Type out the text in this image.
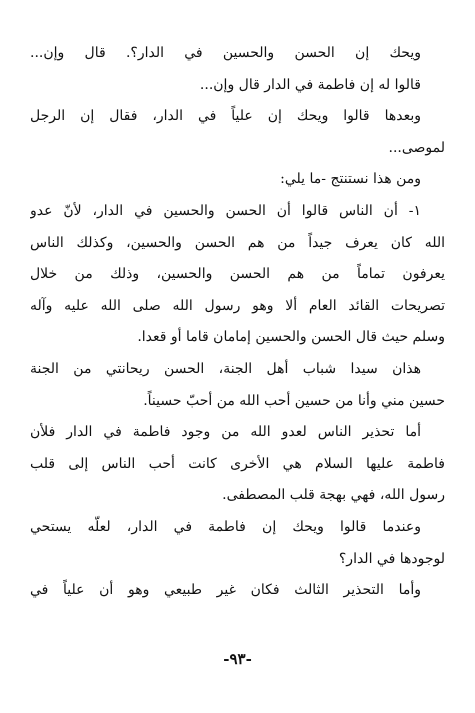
ويحك إن الحسن والحسين في الدار؟. قال وإن...
قالوا له إن فاطمة في الدار قال وإن...
وبعدها قالوا ويحك إن علياً في الدار، فقال إن الرجل
لموصى...
ومن هذا نستنتج -ما يلي:
١- أن الناس قالوا أن الحسن والحسين في الدار، لأنّ عدو
الله كان يعرف جيداً من هم الحسن والحسين، وكذلك الناس
يعرفون تماماً من هم الحسن والحسين، وذلك من خلال
تصريحات القائد العام ألا وهو رسول الله صلى الله عليه وآله
وسلم حيث قال الحسن والحسين إمامان قاما أو قعدا.
هذان سيدا شباب أهل الجنة، الحسن ريحانتي من الجنة
حسين مني وأنا من حسين أحب الله من أحبّ حسيناً.
أما تحذير الناس لعدو الله من وجود فاطمة في الدار فلأن
فاطمة عليها السلام هي الأخرى كانت أحب الناس إلى قلب
رسول الله، فهي بهجة قلب المصطفى.
وعندما قالوا ويحك إن فاطمة في الدار، لعلّه يستحي
لوجودها في الدار؟
وأما التحذير الثالث فكان غير طبيعي وهو أن علياً في
-٩٣-
